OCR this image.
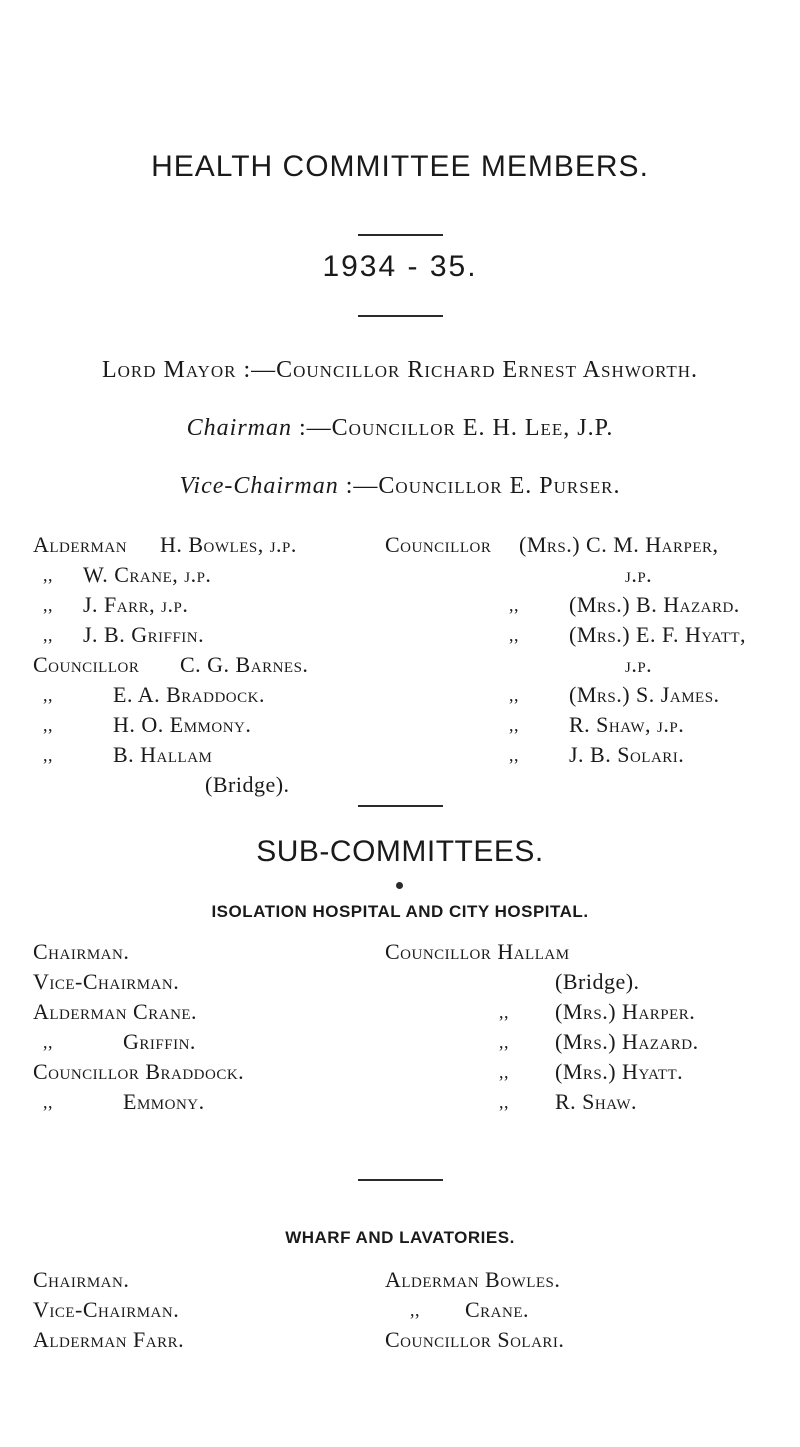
HEALTH COMMITTEE MEMBERS.
1934 - 35.
Lord Mayor :—Councillor Richard Ernest Ashworth.
Chairman :—Councillor E. H. Lee, J.P.
Vice-Chairman :—Councillor E. Purser.
Alderman H. Bowles, j.p.
,, W. Crane, j.p.
,, J. Farr, j.p.
,, J. B. Griffin.
Councillor C. G. Barnes.
,,	E. A. Braddock.
,,	H. O. Emmony.
,,	B. Hallam
(Bridge).
Councillor (Mrs.) C. M. Harper,
j.p.
,, (Mrs.) B. Hazard.
,, (Mrs.) E. F. Hyatt,
j.p.
,, (Mrs.) S. James.
,, R. Shaw, j.p.
,, J. B. Solari.
SUB-COMMITTEES.
ISOLATION HOSPITAL AND CITY HOSPITAL.
Chairman.
Vice-Chairman.
Alderman Crane.
,,	Griffin.
Councillor Braddock.
,,	Emmony.
Councillor Hallam
(Bridge).
,, (Mrs.) Harper.
,, (Mrs.) Hazard.
,, (Mrs.) Hyatt.
,, R. Shaw.
WHARF AND LAVATORIES.
Chairman.
Vice-Chairman.
Alderman Farr.
Alderman Bowles.
,, Crane.
Councillor Solari.
